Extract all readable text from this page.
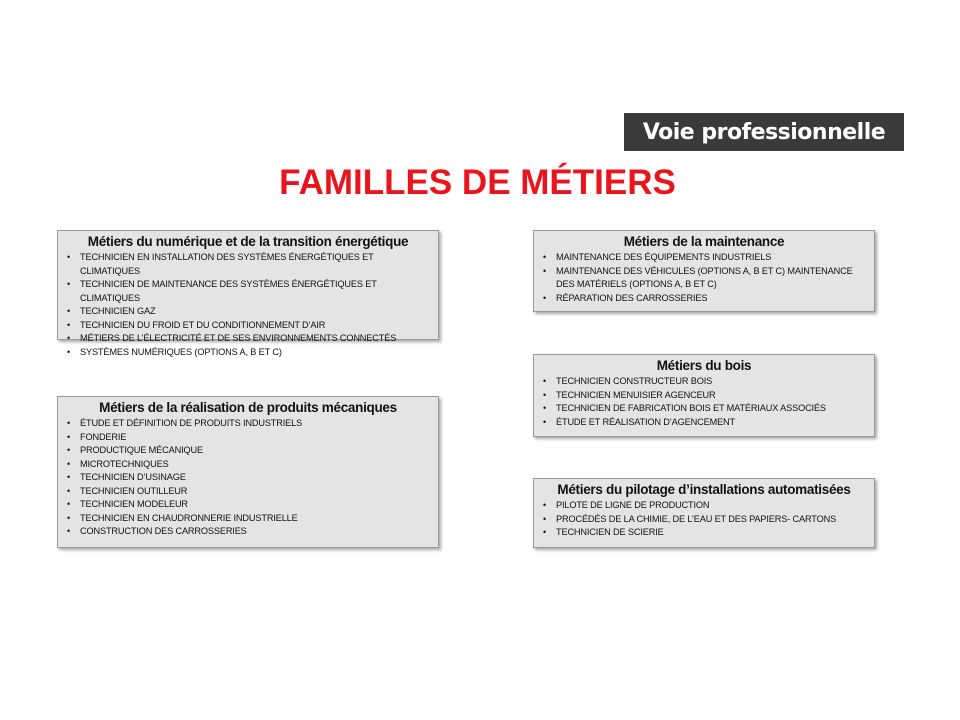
Voie professionnelle
FAMILLES DE MÉTIERS
Métiers du numérique et de la transition énergétique
• TECHNICIEN EN INSTALLATION DES SYSTÈMES ÉNERGÉTIQUES ET CLIMATIQUES
• TECHNICIEN DE MAINTENANCE DES SYSTÈMES ÉNERGÉTIQUES ET CLIMATIQUES
• TECHNICIEN GAZ
• TECHNICIEN DU FROID ET DU CONDITIONNEMENT D’AIR
• MÉTIERS DE L’ÉLECTRICITÉ ET DE SES ENVIRONNEMENTS CONNECTÉS
• SYSTÈMES NUMÉRIQUES (OPTIONS A, B ET C)
Métiers de la réalisation de produits mécaniques
• ÉTUDE ET DÉFINITION DE PRODUITS INDUSTRIELS
• FONDERIE
• PRODUCTIQUE MÉCANIQUE
• MICROTECHNIQUES
• TECHNICIEN D’USINAGE
• TECHNICIEN OUTILLEUR
• TECHNICIEN MODELEUR
• TECHNICIEN EN CHAUDRONNERIE INDUSTRIELLE
• CONSTRUCTION DES CARROSSERIES
Métiers de la maintenance
• MAINTENANCE DES ÉQUIPEMENTS INDUSTRIELS
• MAINTENANCE DES VÉHICULES (OPTIONS A, B ET C) MAINTENANCE DES MATÉRIELS (OPTIONS A, B ET C)
• RÉPARATION DES CARROSSERIES
Métiers du bois
• TECHNICIEN CONSTRUCTEUR BOIS
• TECHNICIEN MENUISIER AGENCEUR
• TECHNICIEN DE FABRICATION BOIS ET MATÉRIAUX ASSOCIÉS
• ÉTUDE ET RÉALISATION D’AGENCEMENT
Métiers du pilotage d’installations automatisées
• PILOTE DE LIGNE DE PRODUCTION
• PROCÉDÉS DE LA CHIMIE, DE L’EAU ET DES PAPIERS- CARTONS
• TECHNICIEN DE SCIERIE
